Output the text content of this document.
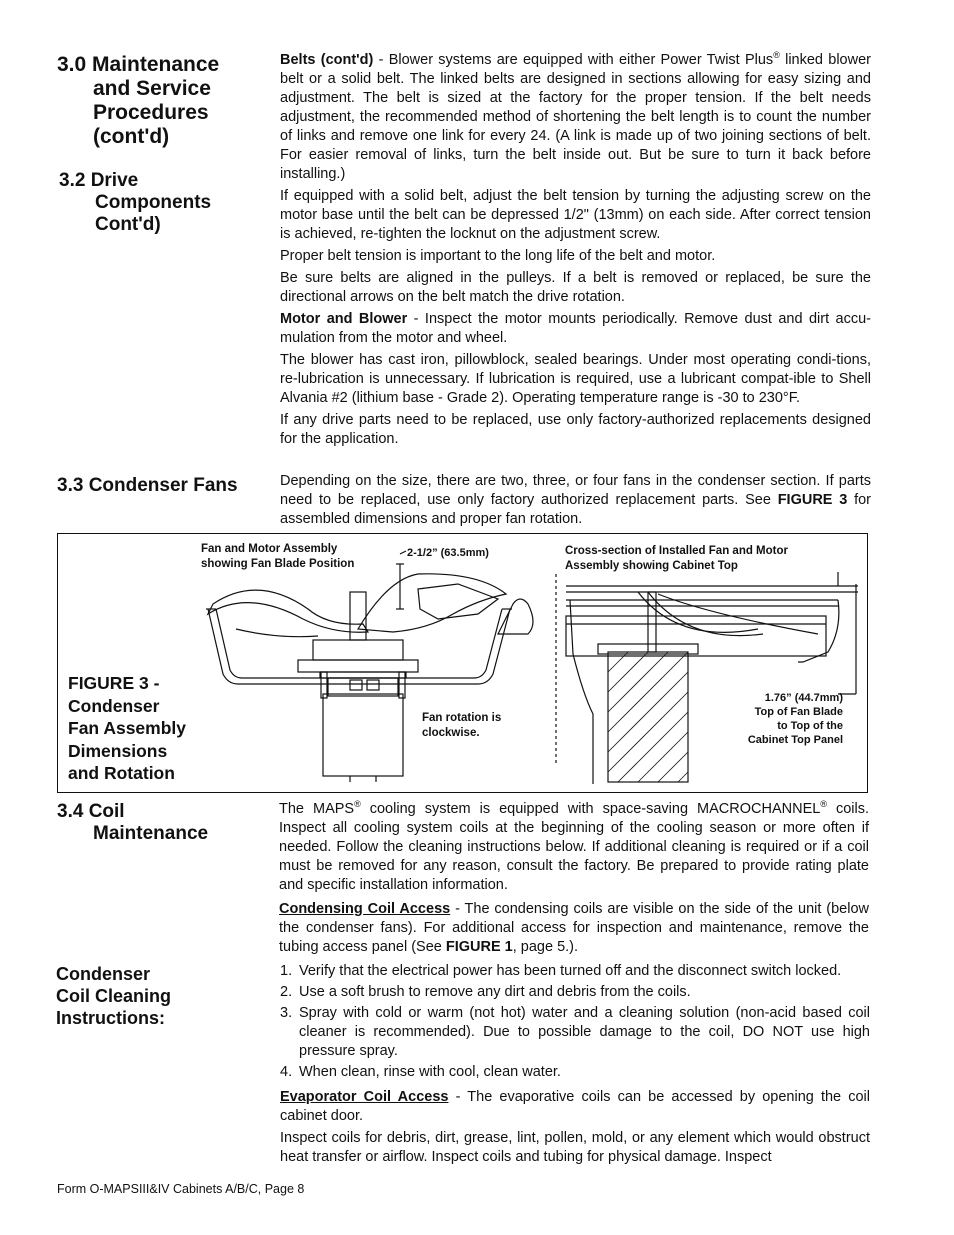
3.0 Maintenance
and Service
Procedures
(cont'd)
3.2 Drive
Components
Cont'd)

Belts (cont'd) - Blower systems are equipped with either Power Twist Plus® linked blower belt or a solid belt. The linked belts are designed in sections allowing for easy sizing and adjustment. The belt is sized at the factory for the proper tension. If the belt needs adjustment, the recommended method of shortening the belt length is to count the number of links and remove one link for every 24. (A link is made up of two joining sections of belt. For easier removal of links, turn the belt inside out. But be sure to turn it back before installing.)

If equipped with a solid belt, adjust the belt tension by turning the adjusting screw on the motor base until the belt can be depressed 1/2" (13mm) on each side. After correct tension is achieved, re-tighten the locknut on the adjustment screw.

Proper belt tension is important to the long life of the belt and motor.

Be sure belts are aligned in the pulleys. If a belt is removed or replaced, be sure the directional arrows on the belt match the drive rotation.

Motor and Blower - Inspect the motor mounts periodically. Remove dust and dirt accu-mulation from the motor and wheel.

The blower has cast iron, pillowblock, sealed bearings. Under most operating condi-tions, re-lubrication is unnecessary. If lubrication is required, use a lubricant compat-ible to Shell Alvania #2 (lithium base - Grade 2). Operating temperature range is -30 to 230°F.

If any drive parts need to be replaced, use only factory-authorized replacements designed for the application.

3.3 Condenser Fans	Depending on the size, there are two, three, or four fans in the condenser section. If parts need to be replaced, use only factory authorized replacement parts. See FIGURE 3 for assembled dimensions and proper fan rotation.

FIGURE 3 -
Condenser
Fan Assembly
Dimensions
and Rotation
Fan and Motor Assembly
showing Fan Blade Position
2-1/2” (63.5mm)	Cross-section of Installed Fan and Motor
Assembly showing Cabinet Top
Fan rotation is
clockwise.
1.76” (44.7mm)
Top of Fan Blade
to Top of the
Cabinet Top Panel
3.4 Coil
Maintenance

The MAPS® cooling system is equipped with space-saving MACROCHANNEL® coils. Inspect all cooling system coils at the beginning of the cooling season or more often if needed. Follow the cleaning instructions below. If additional cleaning is required or if a coil must be removed for any reason, consult the factory. Be prepared to provide rating plate and specific installation information.

Condensing Coil Access - The condensing coils are visible on the side of the unit (below the condenser fans). For additional access for inspection and maintenance, remove the tubing access panel (See FIGURE 1, page 5.).

Condenser
Coil Cleaning
Instructions:
1. Verify that the electrical power has been turned off and the disconnect switch locked.
2. Use a soft brush to remove any dirt and debris from the coils.
3. Spray with cold or warm (not hot) water and a cleaning solution (non-acid based coil cleaner is recommended). Due to possible damage to the coil, DO NOT use high pressure spray.
4. When clean, rinse with cool, clean water.

Evaporator Coil Access - The evaporative coils can be accessed by opening the coil cabinet door.

Inspect coils for debris, dirt, grease, lint, pollen, mold, or any element which would obstruct heat transfer or airflow. Inspect coils and tubing for physical damage. Inspect

Form O-MAPSIII&IV Cabinets A/B/C, Page 8
